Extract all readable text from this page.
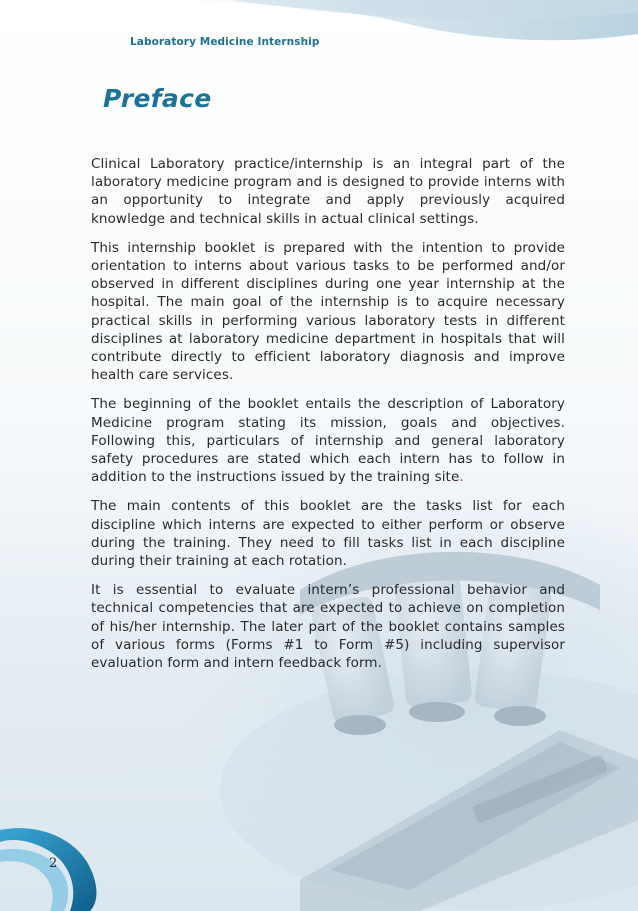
Laboratory Medicine Internship
Preface

Clinical Laboratory practice/internship is an integral part of the laboratory medicine program and is designed to provide interns with an opportunity to integrate and apply previously acquired knowledge and technical skills in actual clinical settings.

This internship booklet is prepared with the intention to provide orientation to interns about various tasks to be performed and/or observed in different disciplines during one year internship at the hospital. The main goal of the internship is to acquire necessary practical skills in performing various laboratory tests in different disciplines at laboratory medicine department in hospitals that will contribute directly to efficient laboratory diagnosis and improve health care services.

The beginning of the booklet entails the description of Laboratory Medicine program stating its mission, goals and objectives. Following this, particulars of internship and general laboratory safety procedures are stated which each intern has to follow in addition to the instructions issued by the training site.

The main contents of this booklet are the tasks list for each discipline which interns are expected to either perform or observe during the training. They need to fill tasks list in each discipline during their training at each rotation.

It is essential to evaluate intern’s professional behavior and technical competencies that are expected to achieve on completion of his/her internship. The later part of the booklet contains samples of various forms (Forms #1 to Form #5) including supervisor evaluation form and intern feedback form.

2
